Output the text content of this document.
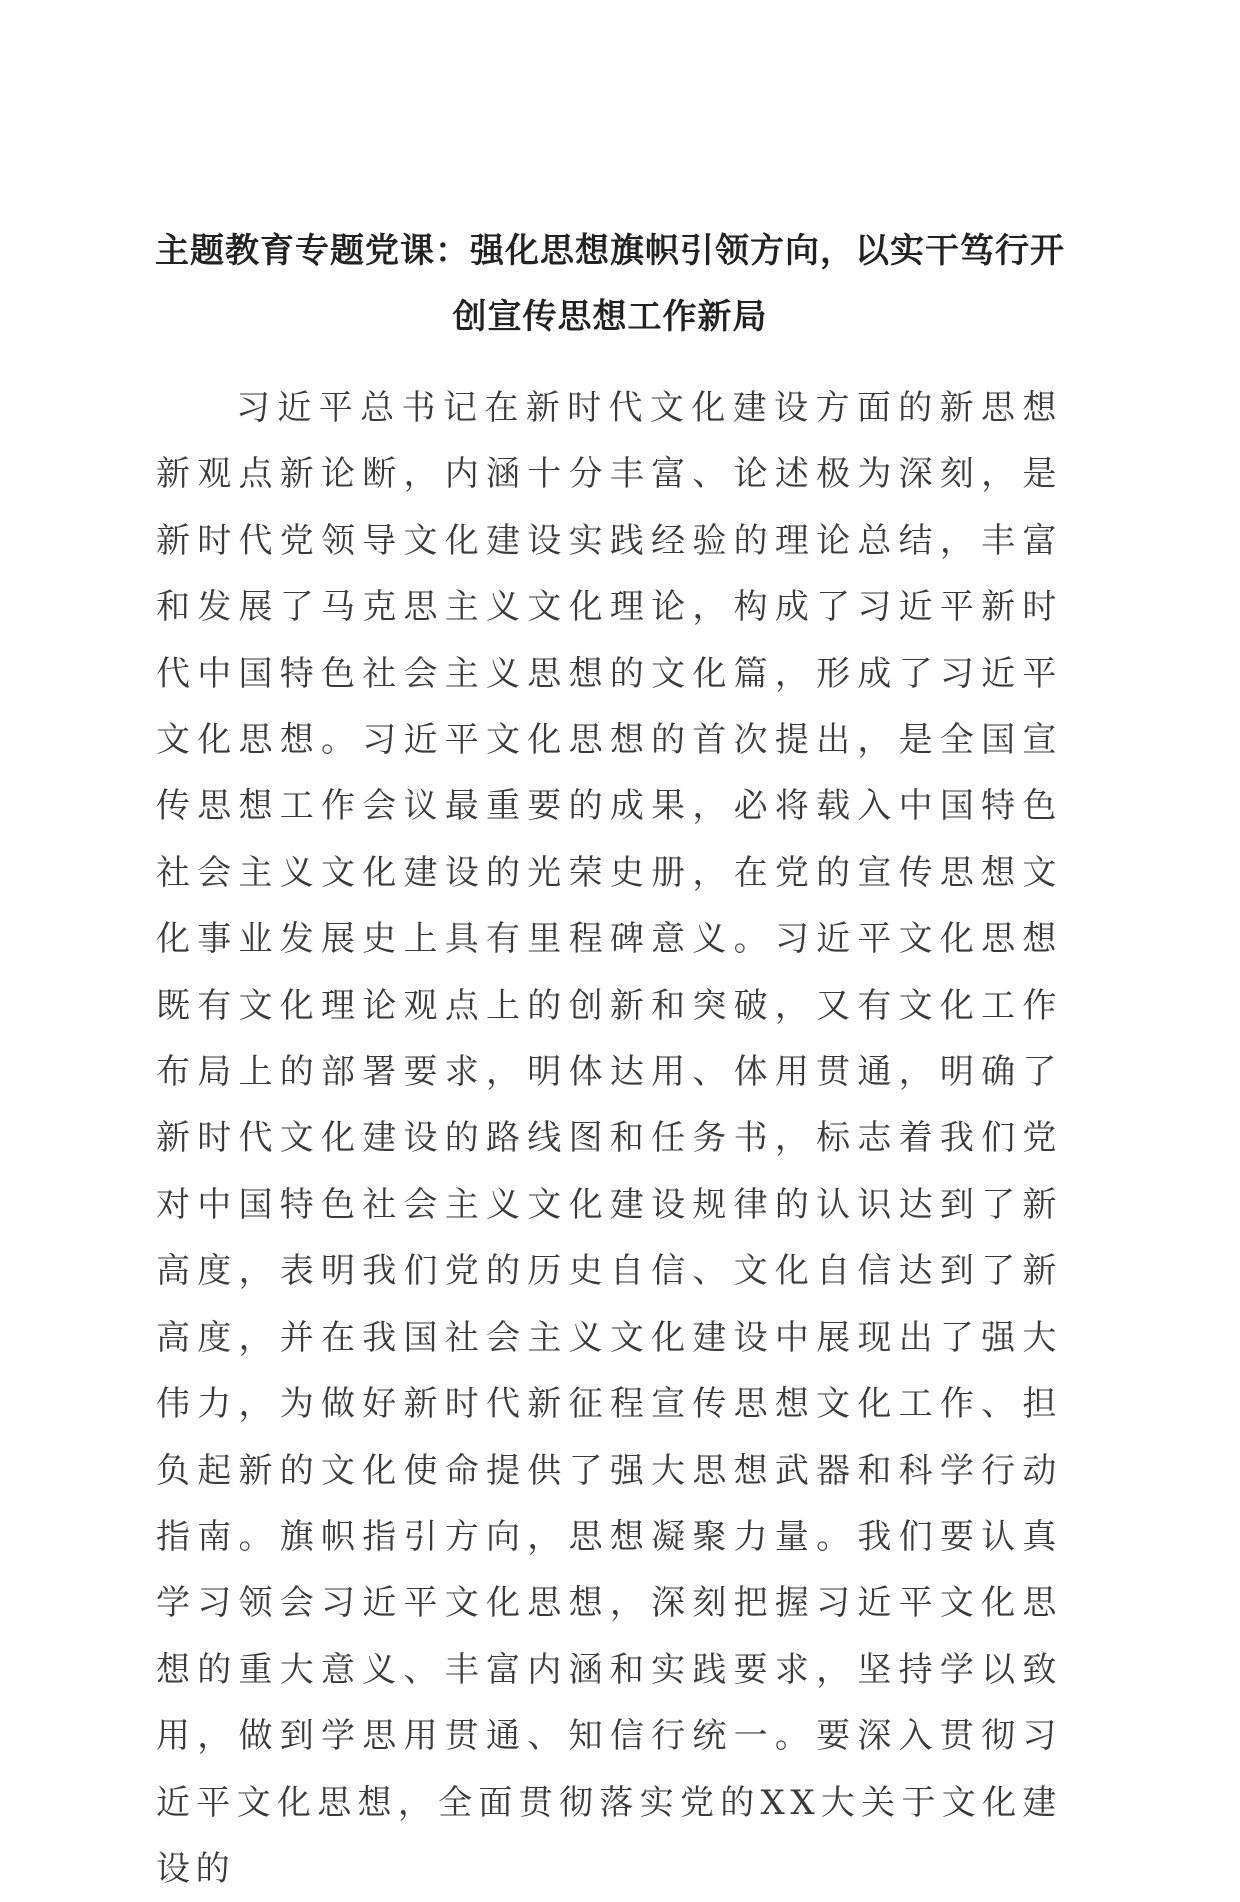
主题教育专题党课：强化思想旗帜引领方向，以实干笃行开创宣传思想工作新局

习近平总书记在新时代文化建设方面的新思想新观点新论断，内涵十分丰富、论述极为深刻，是新时代党领导文化建设实践经验的理论总结，丰富和发展了马克思主义文化理论，构成了习近平新时代中国特色社会主义思想的文化篇，形成了习近平文化思想。习近平文化思想的首次提出，是全国宣传思想工作会议最重要的成果，必将载入中国特色社会主义文化建设的光荣史册，在党的宣传思想文化事业发展史上具有里程碑意义。习近平文化思想既有文化理论观点上的创新和突破，又有文化工作布局上的部署要求，明体达用、体用贯通，明确了新时代文化建设的路线图和任务书，标志着我们党对中国特色社会主义文化建设规律的认识达到了新高度，表明我们党的历史自信、文化自信达到了新高度，并在我国社会主义文化建设中展现出了强大伟力，为做好新时代新征程宣传思想文化工作、担负起新的文化使命提供了强大思想武器和科学行动指南。旗帜指引方向，思想凝聚力量。我们要认真学习领会习近平文化思想，深刻把握习近平文化思想的重大意义、丰富内涵和实践要求，坚持学以致用，做到学思用贯通、知信行统一。要深入贯彻习近平文化思想，全面贯彻落实党的XX大关于文化建设的
